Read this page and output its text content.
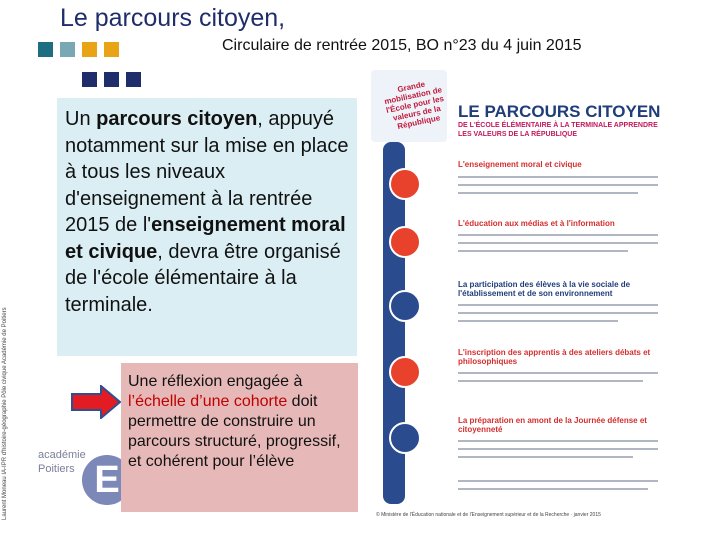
Le parcours citoyen,
Circulaire de rentrée 2015, BO n°23 du 4 juin 2015
Laurent Moneau IA-IPR d'histoire-géographie Pôle civique Académie de Poitiers	académie
Poitiers E
Un parcours citoyen, appuyé notamment sur la mise en place à tous les niveaux d'enseignement à la rentrée 2015 de l'enseignement moral et civique, devra être organisé de l'école élémentaire à la terminale.
Une réflexion engagée à l’échelle d’une cohorte doit permettre de construire un parcours structuré, progressif, et cohérent pour l’élève
Grande mobilisation de l'École pour les valeurs de la République
LE PARCOURS CITOYEN
DE L'ÉCOLE ÉLÉMENTAIRE À LA TERMINALE APPRENDRE LES VALEURS DE LA RÉPUBLIQUE
L'enseignement moral et civique
L'éducation aux médias et à l'information
La participation des élèves à la vie sociale de l'établissement et de son environnement
L'inscription des apprentis à des ateliers débats et philosophiques
La préparation en amont de la Journée défense et citoyenneté
© Ministère de l'Éducation nationale et de l'Enseignement supérieur et de la Recherche · janvier 2015
